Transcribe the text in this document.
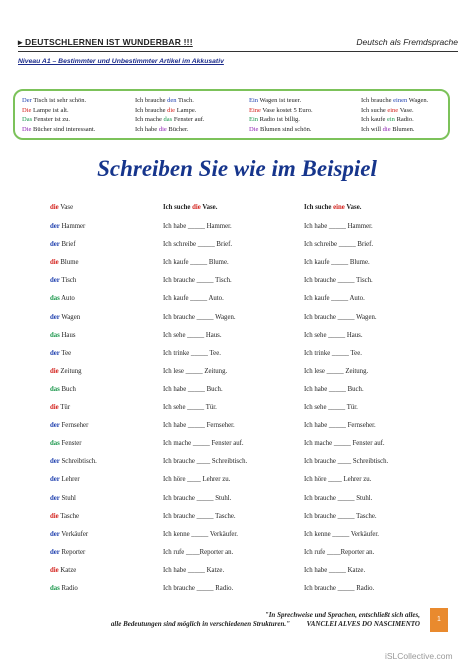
▸ DEUTSCHLERNEN IST WUNDERBAR !!!	Deutsch als Fremdsprache
Niveau A1 – Bestimmter und Unbestimmter Artikel im Akkusativ
Der Tisch ist sehr schön.	Ich brauche den Tisch.	Ein Wagen ist teuer.	Ich brauche einen Wagen.
Die Lampe ist alt.	Ich brauche die Lampe.	Eine Vase kostet 5 Euro.	Ich suche eine Vase.
Das Fenster ist zu.	Ich mache das Fenster auf.	Ein Radio ist billig.	Ich kaufe ein Radio.
Die Bücher sind interessant.	Ich habe die Bücher.	Die Blumen sind schön.	Ich will die Blumen.
Schreiben Sie wie im Beispiel
die Vase	Ich suche die Vase.	Ich suche eine Vase.
der Hammer	Ich habe _____ Hammer.	Ich habe _____ Hammer.
der Brief	Ich schreibe _____ Brief.	Ich schreibe _____ Brief.
die Blume	Ich kaufe _____ Blume.	Ich kaufe _____ Blume.
der Tisch	Ich brauche _____ Tisch.	Ich brauche _____ Tisch.
das Auto	Ich kaufe _____ Auto.	Ich kaufe _____ Auto.
der Wagen	Ich brauche _____ Wagen.	Ich brauche _____ Wagen.
das Haus	Ich sehe _____ Haus.	Ich sehe _____ Haus.
der Tee	Ich trinke _____ Tee.	Ich trinke _____ Tee.
die Zeitung	Ich lese _____ Zeitung.	Ich lese _____ Zeitung.
das Buch	Ich habe _____ Buch.	Ich habe _____ Buch.
die Tür	Ich sehe _____ Tür.	Ich sehe _____ Tür.
der Fernseher	Ich habe _____ Fernseher.	Ich habe _____ Fernseher.
das Fenster	Ich mache _____ Fenster auf.	Ich mache _____ Fenster auf.
der Schreibtisch.	Ich brauche ____ Schreibtisch.	Ich brauche ____ Schreibtisch.
der Lehrer	Ich höre ____ Lehrer zu.	Ich höre ____ Lehrer zu.
der Stuhl	Ich brauche _____ Stuhl.	Ich brauche _____ Stuhl.
die Tasche	Ich brauche _____ Tasche.	Ich brauche _____ Tasche.
der Verkäufer	Ich kenne _____ Verkäufer.	Ich kenne _____ Verkäufer.
der Reporter	Ich rufe ____Reporter an.	Ich rufe ____Reporter an.
die Katze	Ich habe _____ Katze.	Ich habe _____ Katze.
das Radio	Ich brauche _____ Radio.	Ich brauche _____ Radio.
"In Sprechweise und Sprachen, entschließt sich alles,
alle Bedeutungen sind möglich in verschiedenen Strukturen."	VANCLEI ALVES DO NASCIMENTO
1
iSLCollective.com
